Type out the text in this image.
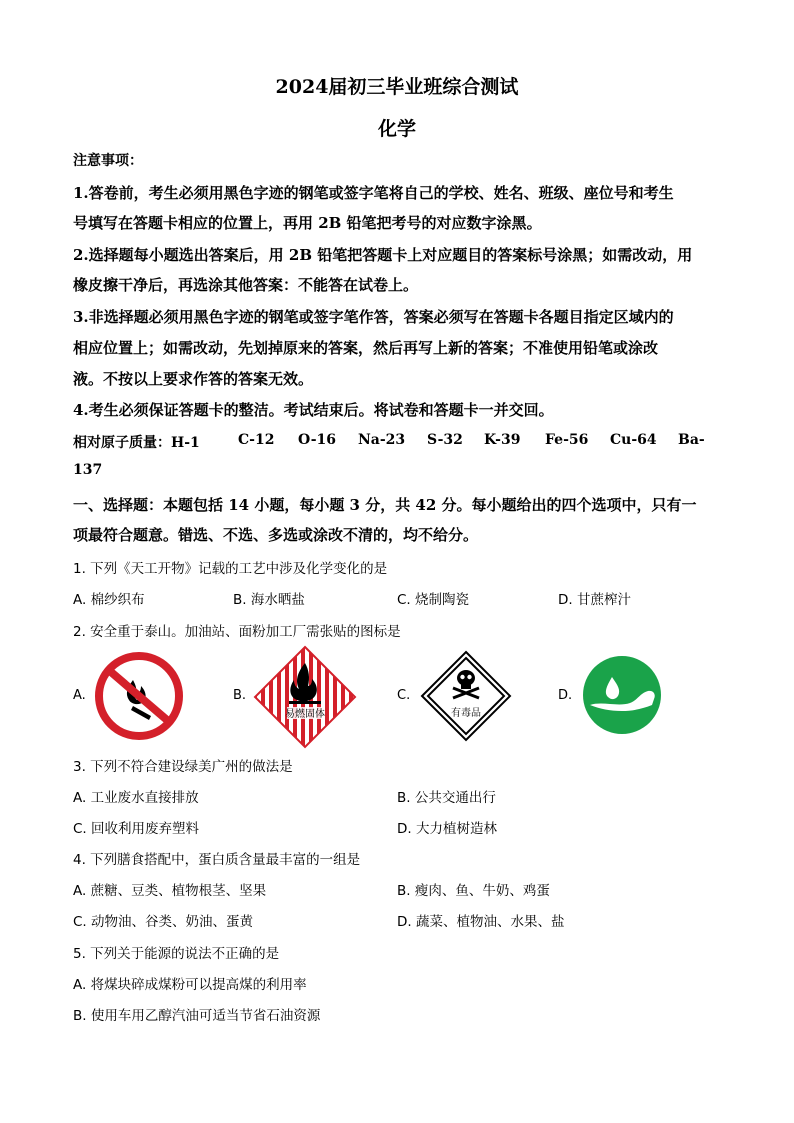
2024届初三毕业班综合测试
化学
注意事项：
1.答卷前，考生必须用黑色字迹的钢笔或签字笔将自己的学校、姓名、班级、座位号和考生
号填写在答题卡相应的位置上，再用 2B 铅笔把考号的对应数字涂黑。
2.选择题每小题选出答案后，用 2B 铅笔把答题卡上对应题目的答案标号涂黑；如需改动，用
橡皮擦干净后，再选涂其他答案：不能答在试卷上。
3.非选择题必须用黑色字迹的钢笔或签字笔作答，答案必须写在答题卡各题目指定区域内的
相应位置上；如需改动，先划掉原来的答案，然后再写上新的答案；不准使用铅笔或涂改
液。不按以上要求作答的答案无效。
4.考生必须保证答题卡的整洁。考试结束后。将试卷和答题卡一并交回。
相对原子质量：H-1	C-12 O-16 Na-23 S-32 K-39 Fe-56 Cu-64 Ba-
137
一、选择题：本题包括 14 小题，每小题 3 分，共 42 分。每小题给出的四个选项中，只有一
项最符合题意。错选、不选、多选或涂改不清的，均不给分。
1. 下列《天工开物》记载的工艺中涉及化学变化的是
A. 棉纱织布	B. 海水晒盐	C. 烧制陶瓷	D. 甘蔗榨汁
2. 安全重于泰山。加油站、面粉加工厂需张贴的图标是
A.	B.
易燃固体
C.
有毒品
D.
3. 下列不符合建设绿美广州的做法是
A. 工业废水直接排放	B. 公共交通出行
C. 回收利用废弃塑料	D. 大力植树造林
4. 下列膳食搭配中，蛋白质含量最丰富的一组是
A. 蔗糖、豆类、植物根茎、坚果	B. 瘦肉、鱼、牛奶、鸡蛋
C. 动物油、谷类、奶油、蛋黄	D. 蔬菜、植物油、水果、盐
5. 下列关于能源的说法不正确的是
A. 将煤块碎成煤粉可以提高煤的利用率
B. 使用车用乙醇汽油可适当节省石油资源
